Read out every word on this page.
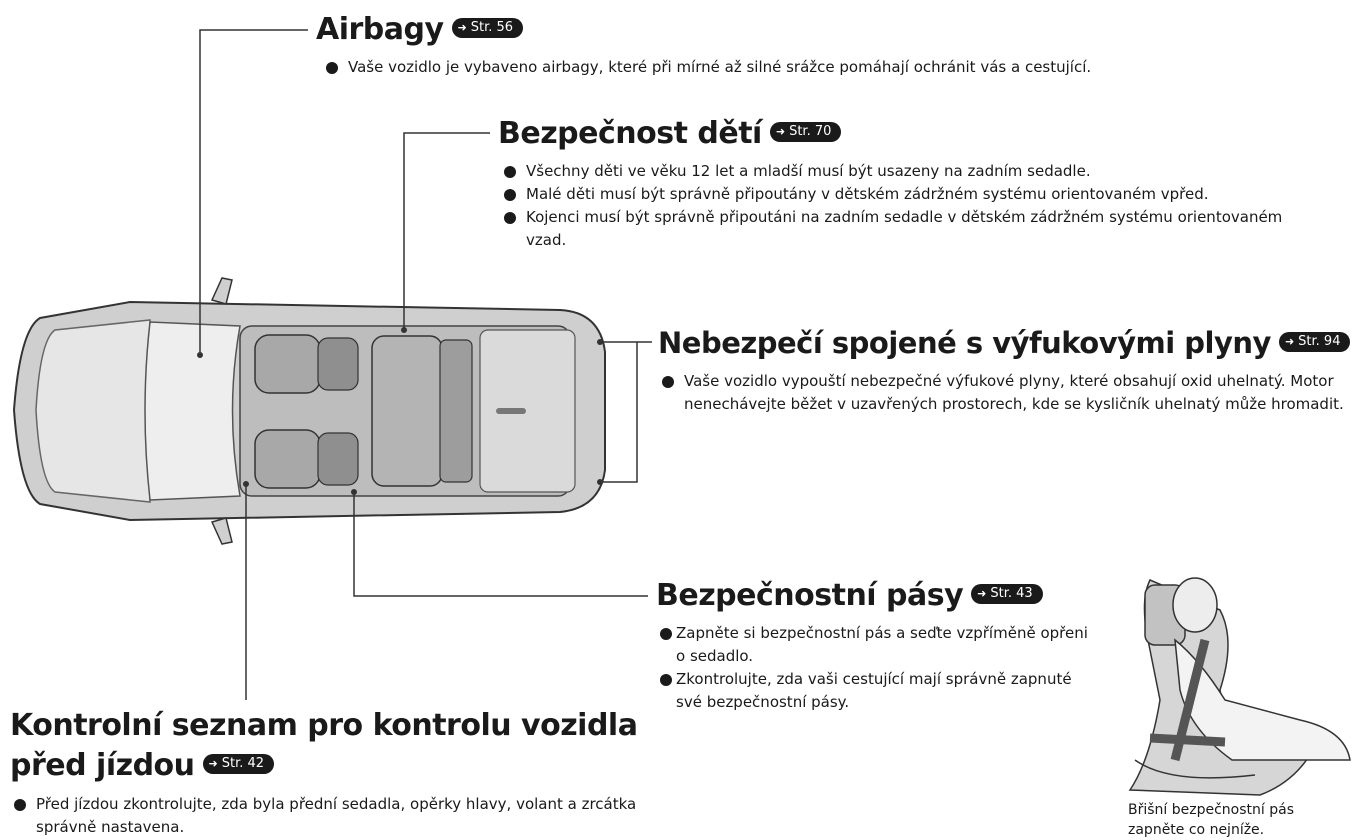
Airbagy ➜ Str. 56
Vaše vozidlo je vybaveno airbagy, které při mírné až silné srážce pomáhají ochránit vás a cestující.
Bezpečnost dětí ➜ Str. 70
Všechny děti ve věku 12 let a mladší musí být usazeny na zadním sedadle.
Malé děti musí být správně připoutány v dětském zádržném systému orientovaném vpřed.
Kojenci musí být správně připoutáni na zadním sedadle v dětském zádržném systému orientovaném vzad.
Nebezpečí spojené s výfukovými plyny ➜ Str. 94
Vaše vozidlo vypouští nebezpečné výfukové plyny, které obsahují oxid uhelnatý. Motor nenechávejte běžet v uzavřených prostorech, kde se kysličník uhelnatý může hromadit.
Bezpečnostní pásy ➜ Str. 43
Zapněte si bezpečnostní pás a seďte vzpříměně opřeni o sedadlo.
Zkontrolujte, zda vaši cestující mají správně zapnuté své bezpečnostní pásy.
Kontrolní seznam pro kontrolu vozidla
před jízdou ➜ Str. 42
Před jízdou zkontrolujte, zda byla přední sedadla, opěrky hlavy, volant a zrcátka správně nastavena.
Břišní bezpečnostní pás
zapněte co nejníže.
